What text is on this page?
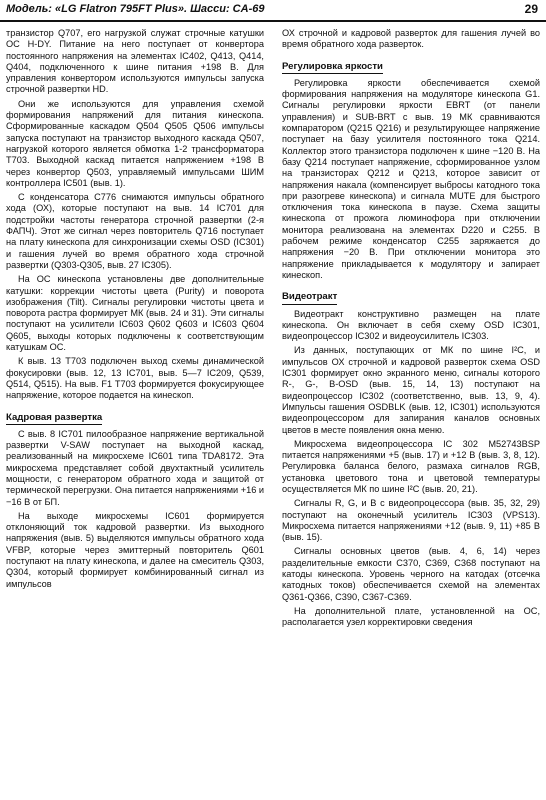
Модель: «LG Flatron 795FT Plus». Шасси: CA-69	29

транзистор Q707, его нагрузкой служат строчные катушки ОС H-DY. Питание на него поступает от конвертора постоянного напряжения на элементах IC402, Q413, Q414, Q404, подключенного к шине питания +198 В. Для управления конвертором используются импульсы запуска строчной развертки HD.

Они же используются для управления схемой формирования напряжений для питания кинескопа. Сформированные каскадом Q504 Q505 Q506 импульсы запуска поступают на транзистор выходного каскада Q507, нагрузкой которого является обмотка 1-2 трансформатора T703. Выходной каскад питается напряжением +198 В через конвертор Q503, управляемый импульсами ШИМ контроллера IC501 (выв. 1).

С конденсатора C776 снимаются импульсы обратного хода (ОХ), которые поступают на выв. 14 IC701 для подстройки частоты генератора строчной развертки (2-я ФАПЧ). Этот же сигнал через повторитель Q716 поступает на плату кинескопа для синхронизации схемы OSD (IC301) и гашения лучей во время обратного хода строчной развертки (Q303-Q305, выв. 27 IC305).

На ОС кинескопа установлены две дополнительные катушки: коррекции чистоты цвета (Purity) и поворота изображения (Tilt). Сигналы регулировки чистоты цвета и поворота растра формирует МК (выв. 24 и 31). Эти сигналы поступают на усилители IC603 Q602 Q603 и IC603 Q604 Q605, выходы которых подключены к соответствующим катушкам ОС.

К выв. 13 T703 подключен выход схемы динамической фокусировки (выв. 12, 13 IC701, выв. 5—7 IC209, Q539, Q514, Q515). На выв. F1 T703 формируется фокусирующее напряжение, которое подается на кинескоп.

Кадровая развертка

С выв. 8 IC701 пилообразное напряжение вертикальной развертки V-SAW поступает на выходной каскад, реализованный на микросхеме IC601 типа TDA8172. Эта микросхема представляет собой двухтактный усилитель мощности, с генератором обратного хода и защитой от термической перегрузки. Она питается напряжениями +16 и −16 В от БП.

На выходе микросхемы IC601 формируется отклоняющий ток кадровой развертки. Из выходного напряжения (выв. 5) выделяются импульсы обратного хода VFBP, которые через эмиттерный повторитель Q601 поступают на плату кинескопа, и далее на смеситель Q303, Q304, который формирует комбинированный сигнал из импульсов

ОХ строчной и кадровой разверток для гашения лучей во время обратного хода разверток.

Регулировка яркости

Регулировка яркости обеспечивается схемой формирования напряжения на модуляторе кинескопа G1. Сигналы регулировки яркости EBRT (от панели управления) и SUB-BRT с выв. 19 МК сравниваются компаратором (Q215 Q216) и результирующее напряжение поступает на базу усилителя постоянного тока Q214. Коллектор этого транзистора подключен к шине −120 В. На базу Q214 поступает напряжение, сформированное узлом на транзисторах Q212 и Q213, которое зависит от напряжения накала (компенсирует выбросы катодного тока при разогреве кинескопа) и сигнала MUTE для быстрого отключения тока кинескопа в паузе. Схема защиты кинескопа от прожога люминофора при отключении монитора реализована на элементах D220 и C255. В рабочем режиме конденсатор C255 заряжается до напряжения −20 В. При отключении монитора это напряжение прикладывается к модулятору и запирает кинескоп.

Видеотракт

Видеотракт конструктивно размещен на плате кинескопа. Он включает в себя схему OSD IC301, видеопроцессор IC302 и видеоусилитель IC303.

Из данных, поступающих от МК по шине I²C, и импульсов ОХ строчной и кадровой разверток схема OSD IC301 формирует окно экранного меню, сигналы которого R-, G-, B-OSD (выв. 15, 14, 13) поступают на видеопроцессор IC302 (соответственно, выв. 13, 9, 4). Импульсы гашения OSDBLK (выв. 12, IC301) используются видеопроцессором для запирания каналов основных цветов в месте появления окна меню.

Микросхема видеопроцессора IC 302 M52743BSP питается напряжениями +5 (выв. 17) и +12 В (выв. 3, 8, 12). Регулировка баланса белого, размаха сигналов RGB, установка цветового тона и цветовой температуры осуществляется МК по шине I²C (выв. 20, 21).

Сигналы R, G, и B с видеопроцессора (выв. 35, 32, 29) поступают на оконечный усилитель IC303 (VPS13). Микросхема питается напряжениями +12 (выв. 9, 11) +85 В (выв. 15).

Сигналы основных цветов (выв. 4, 6, 14) через разделительные емкости C370, C369, C368 поступают на катоды кинескопа. Уровень черного на катодах (отсечка катодных токов) обеспечивается схемой на элементах Q361-Q366, C390, C367-C369.

На дополнительной плате, установленной на ОС, располагается узел корректировки сведения
